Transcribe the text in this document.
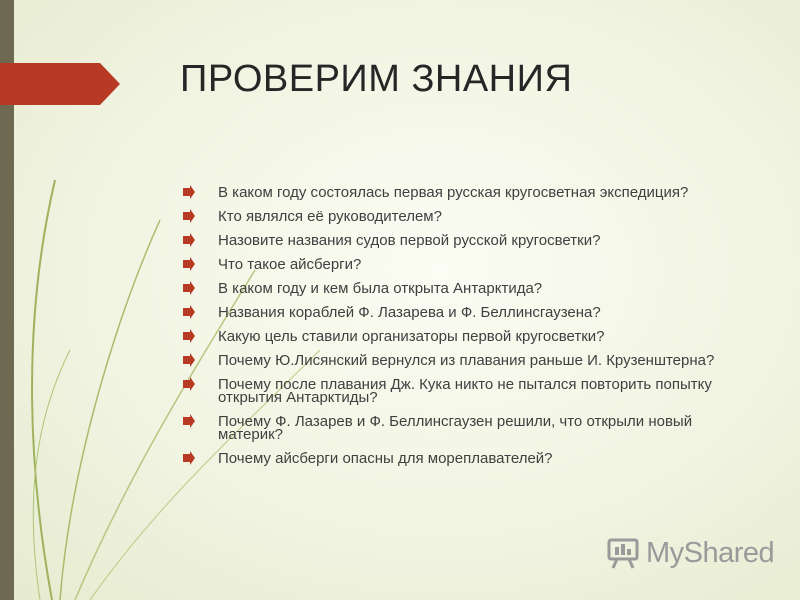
ПРОВЕРИМ ЗНАНИЯ
В каком году состоялась первая русская кругосветная экспедиция?
Кто являлся её руководителем?
Назовите названия судов первой русской кругосветки?
Что такое айсберги?
В каком году и кем была открыта Антарктида?
Названия кораблей Ф. Лазарева и Ф. Беллинсгаузена?
Какую цель ставили организаторы первой кругосветки?
Почему Ю.Лисянский вернулся из плавания раньше И. Крузенштерна?
Почему после плавания Дж. Кука никто не пытался повторить попытку открытия Антарктиды?
Почему Ф. Лазарев и Ф. Беллинсгаузен решили, что открыли новый материк?
Почему айсберги опасны для мореплавателей?
MyShared
